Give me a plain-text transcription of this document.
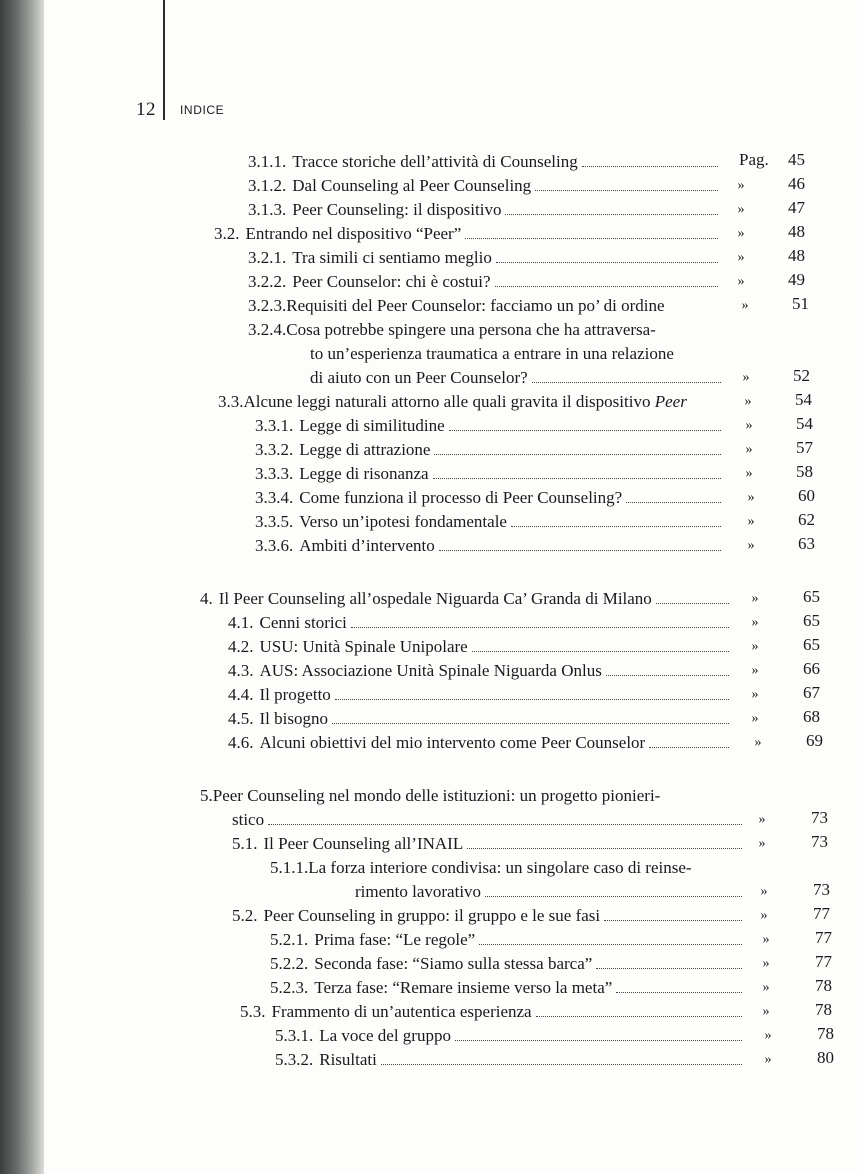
12 INDICE
Pag.
3.1.1. Tracce storiche dell’attività di Counseling	45
3.1.2. Dal Counseling al Peer Counseling	»	46
3.1.3. Peer Counseling: il dispositivo	»	47
3.2. Entrando nel dispositivo “Peer”	»	48
3.2.1. Tra simili ci sentiamo meglio	»	48
3.2.2. Peer Counselor: chi è costui?	»	49
3.2.3.Requisiti del Peer Counselor: facciamo un po’ di ordine	»	51
3.2.4.Cosa potrebbe spingere una persona che ha attraversa-
to un’esperienza traumatica a entrare in una relazione
di aiuto con un Peer Counselor?	»	52
3.3.Alcune leggi naturali attorno alle quali gravita il dispositivo Peer	»	54
3.3.1. Legge di similitudine	»	54
3.3.2. Legge di attrazione	»	57
3.3.3. Legge di risonanza	»	58
3.3.4. Come funziona il processo di Peer Counseling?	»	60
3.3.5. Verso un’ipotesi fondamentale	»	62
3.3.6. Ambiti d’intervento	»	63
4. Il Peer Counseling all’ospedale Niguarda Ca’ Granda di Milano	»	65
4.1. Cenni storici	»	65
4.2. USU: Unità Spinale Unipolare	»	65
4.3. AUS: Associazione Unità Spinale Niguarda Onlus	»	66
4.4. Il progetto	»	67
4.5. Il bisogno	»	68
4.6. Alcuni obiettivi del mio intervento come Peer Counselor	»	69
5.Peer Counseling nel mondo delle istituzioni: un progetto pionieri-
stico	»	73
5.1. Il Peer Counseling all’INAIL	»	73
5.1.1.La forza interiore condivisa: un singolare caso di reinse-
rimento lavorativo	»	73
5.2. Peer Counseling in gruppo: il gruppo e le sue fasi	»	77
5.2.1. Prima fase: “Le regole”	»	77
5.2.2. Seconda fase: “Siamo sulla stessa barca”	»	77
5.2.3. Terza fase: “Remare insieme verso la meta”	»	78
5.3. Frammento di un’autentica esperienza	»	78
5.3.1. La voce del gruppo	»	78
5.3.2. Risultati	»	80
